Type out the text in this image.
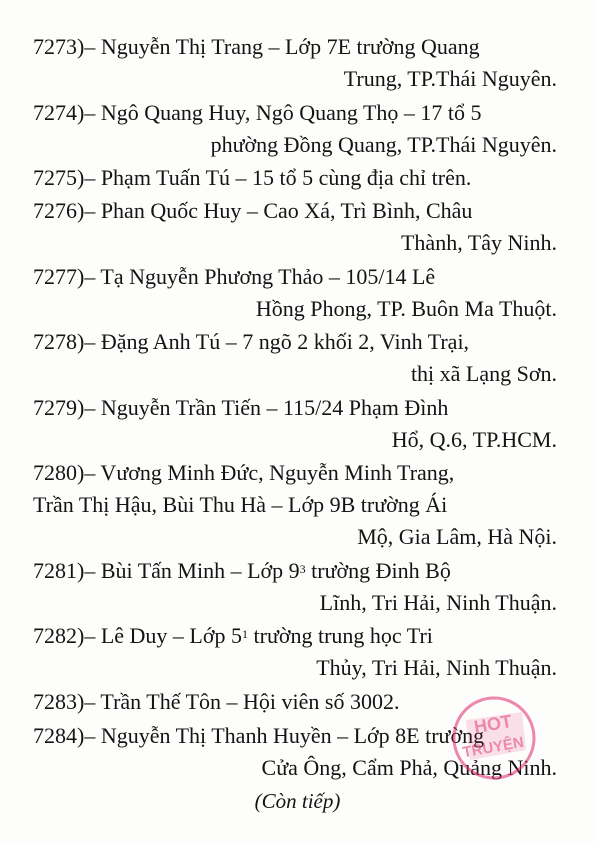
7273)– Nguyễn Thị Trang – Lớp 7E trường Quang
Trung, TP.Thái Nguyên.
7274)– Ngô Quang Huy, Ngô Quang Thọ – 17 tổ 5
phường Đồng Quang, TP.Thái Nguyên.
7275)– Phạm Tuấn Tú – 15 tổ 5 cùng địa chỉ trên.
7276)– Phan Quốc Huy – Cao Xá, Trì Bình, Châu
Thành, Tây Ninh.
7277)– Tạ Nguyễn Phương Thảo – 105/14 Lê
Hồng Phong, TP. Buôn Ma Thuột.
7278)– Đặng Anh Tú – 7 ngõ 2 khối 2, Vinh Trại,
thị xã Lạng Sơn.
7279)– Nguyễn Trần Tiến – 115/24 Phạm Đình
Hổ, Q.6, TP.HCM.
7280)– Vương Minh Đức, Nguyễn Minh Trang,
Trần Thị Hậu, Bùi Thu Hà – Lớp 9B trường Ái
Mộ, Gia Lâm, Hà Nội.
7281)– Bùi Tấn Minh – Lớp $9^3$ trường Đinh Bộ
Lĩnh, Tri Hải, Ninh Thuận.
7282)– Lê Duy – Lớp $5^1$ trường trung học Tri
Thủy, Tri Hải, Ninh Thuận.
7283)– Trần Thế Tôn – Hội viên số 3002.
7284)– Nguyễn Thị Thanh Huyền – Lớp 8E trường
Cửa Ông, Cẩm Phả, Quảng Ninh.
(Còn tiếp)
HOT
TRUYỆN
